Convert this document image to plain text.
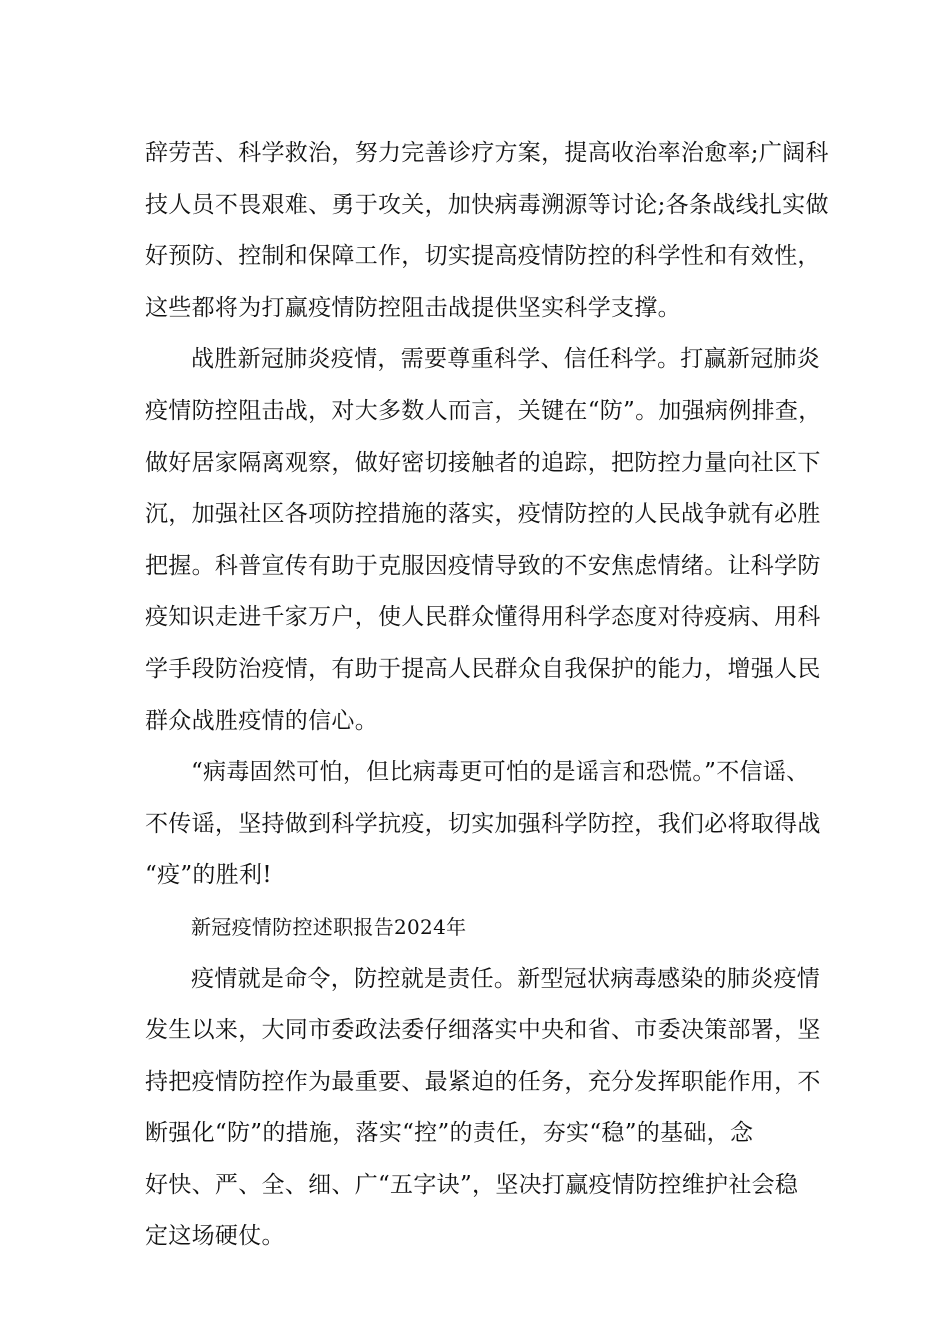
辞劳苦、科学救治，努力完善诊疗方案，提高收治率治愈率;广阔科
技人员不畏艰难、勇于攻关，加快病毒溯源等讨论;各条战线扎实做
好预防、控制和保障工作，切实提高疫情防控的科学性和有效性，
这些都将为打赢疫情防控阻击战提供坚实科学支撑。
战胜新冠肺炎疫情，需要尊重科学、信任科学。打赢新冠肺炎
疫情防控阻击战，对大多数人而言，关键在“防”。加强病例排查，
做好居家隔离观察，做好密切接触者的追踪，把防控力量向社区下
沉，加强社区各项防控措施的落实，疫情防控的人民战争就有必胜
把握。科普宣传有助于克服因疫情导致的不安焦虑情绪。让科学防
疫知识走进千家万户，使人民群众懂得用科学态度对待疫病、用科
学手段防治疫情，有助于提高人民群众自我保护的能力，增强人民
群众战胜疫情的信心。
“病毒固然可怕，但比病毒更可怕的是谣言和恐慌。”不信谣、
不传谣，坚持做到科学抗疫，切实加强科学防控，我们必将取得战
“疫”的胜利!
新冠疫情防控述职报告2024年
疫情就是命令，防控就是责任。新型冠状病毒感染的肺炎疫情
发生以来，大同市委政法委仔细落实中央和省、市委决策部署，坚
持把疫情防控作为最重要、最紧迫的任务，充分发挥职能作用，不
断强化“防”的措施，落实“控”的责任，夯实“稳”的基础，念
好快、严、全、细、广“五字诀”，坚决打赢疫情防控维护社会稳
定这场硬仗。
